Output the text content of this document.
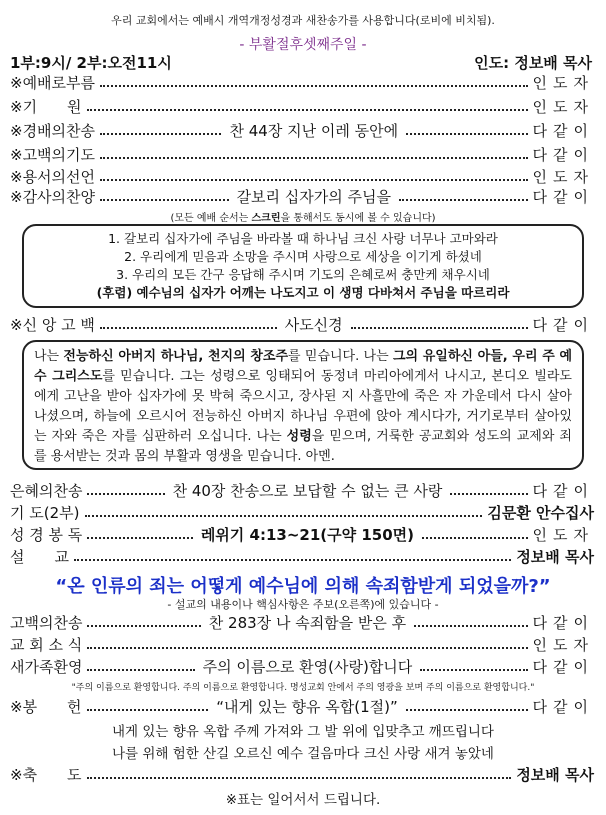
우리 교회에서는 예배시 개역개정성경과 새찬송가를 사용합니다(로비에 비치됨).
- 부활절후셋째주일 -
1부:9시/ 2부:오전11시	인도: 정보배 목사
※예배로부름	인도자
※기　　원	인도자
※경배의찬송	찬 44장 지난 이레 동안에	다같이
※고백의기도	다같이
※용서의선언	인도자
※감사의찬양	갈보리 십자가의 주님을	다같이
(모든 예배 순서는 스크린을 통해서도 동시에 볼 수 있습니다)
1. 갈보리 십자가에 주님을 바라볼 때 하나님 크신 사랑 너무나 고마와라
2. 우리에게 믿음과 소망을 주시며 사랑으로 세상을 이기게 하셨네
3. 우리의 모든 간구 응답해 주시며 기도의 은혜로써 충만케 채우시네
(후렴) 예수님의 십자가 어깨는 나도지고 이 생명 다바쳐서 주님을 따르리라
※신 앙 고 백	사도신경	다같이
나는 전능하신 아버지 하나님, 천지의 창조주를 믿습니다. 나는 그의 유일하신 아들, 우리 주 예수 그리스도를 믿습니다. 그는 성령으로 잉태되어 동정녀 마리아에게서 나시고, 본디오 빌라도에게 고난을 받아 십자가에 못 박혀 죽으시고, 장사된 지 사흘만에 죽은 자 가운데서 다시 살아나셨으며, 하늘에 오르시어 전능하신 아버지 하나님 우편에 앉아 계시다가, 거기로부터 살아있는 자와 죽은 자를 심판하러 오십니다. 나는 성령을 믿으며, 거룩한 공교회와 성도의 교제와 죄를 용서받는 것과 몸의 부활과 영생을 믿습니다. 아멘.
은혜의찬송	찬 40장 찬송으로 보답할 수 없는 큰 사랑	다같이
기 도(2부)	김문환 안수집사
성 경 봉 독	레위기 4:13~21(구약 150면)	인도자
설　　교	정보배 목사
“온 인류의 죄는 어떻게 예수님에 의해 속죄함받게 되었을까?”
- 설교의 내용이나 핵심사항은 주보(오른쪽)에 있습니다 -
고백의찬송	찬 283장 나 속죄함을 받은 후	다같이
교 회 소 식	인도자
새가족환영	주의 이름으로 환영(사랑)합니다	다같이
"주의 이름으로 환영합니다. 주의 이름으로 환영합니다. 명성교회 안에서 주의 영광을 보며 주의 이름으로 환영합니다."
※봉　　헌	“내게 있는 향유 옥합(1절)”	다같이
내게 있는 향유 옥합 주께 가져와 그 발 위에 입맞추고 깨뜨립니다
나를 위해 험한 산길 오르신 예수 걸음마다 크신 사랑 새겨 놓았네
※축　　도	정보배 목사
※표는 일어서서 드립니다.
